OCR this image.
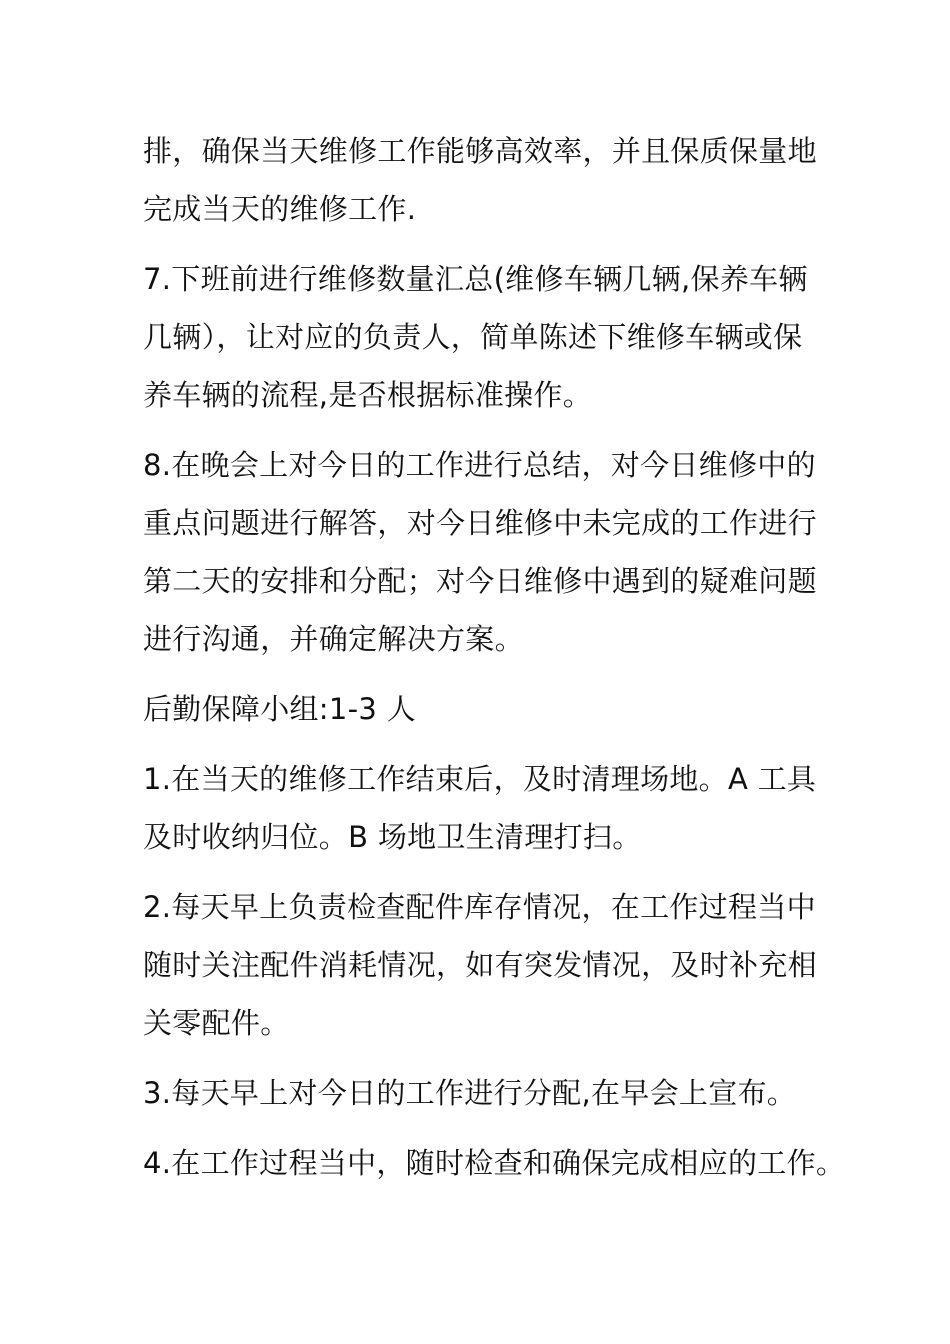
排，确保当天维修工作能够高效率，并且保质保量地
完成当天的维修工作.

7.下班前进行维修数量汇总(维修车辆几辆,保养车辆
几辆），让对应的负责人，简单陈述下维修车辆或保
养车辆的流程,是否根据标准操作。

8.在晚会上对今日的工作进行总结，对今日维修中的
重点问题进行解答，对今日维修中未完成的工作进行
第二天的安排和分配；对今日维修中遇到的疑难问题
进行沟通，并确定解决方案。

后勤保障小组:1-3 人

1.在当天的维修工作结束后，及时清理场地。A 工具
及时收纳归位。B 场地卫生清理打扫。

2.每天早上负责检查配件库存情况，在工作过程当中
随时关注配件消耗情况，如有突发情况，及时补充相
关零配件。

3.每天早上对今日的工作进行分配,在早会上宣布。

4.在工作过程当中，随时检查和确保完成相应的工作。
